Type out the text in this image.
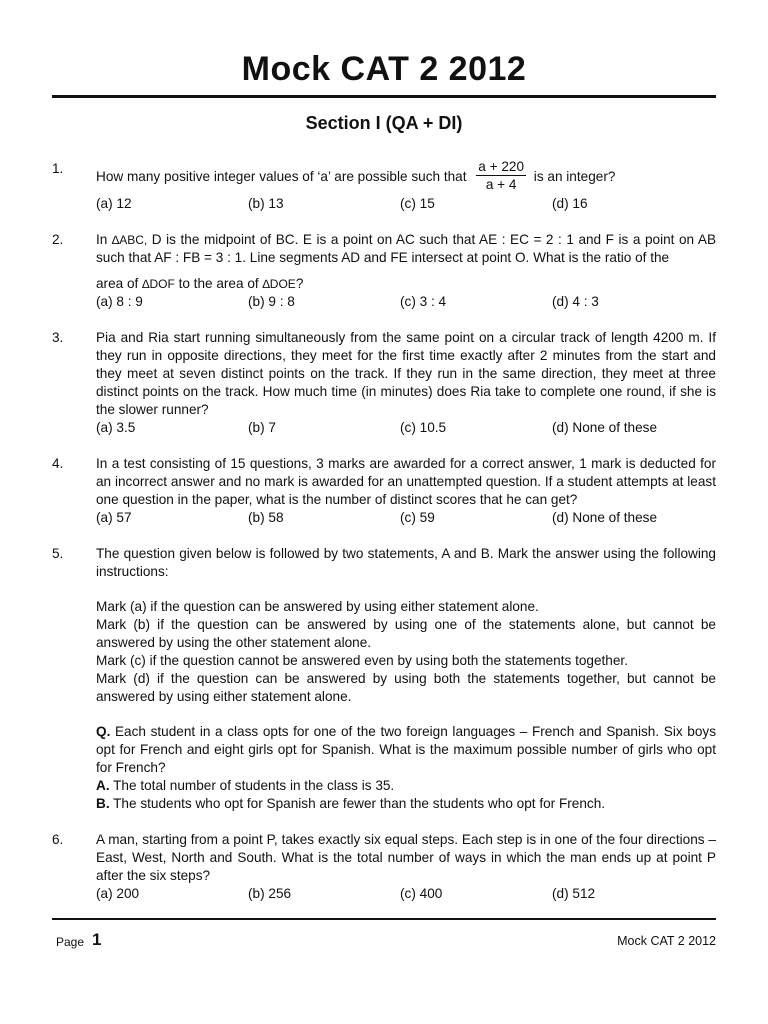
Mock CAT 2 2012
Section I (QA + DI)
1.
How many positive integer values of ‘a’ are possible such that $\frac{a + 220}{a + 4}$ is an integer?
(a) 12	(b) 13	(c) 15	(d) 16
2. In ∆ABC, D is the midpoint of BC. E is a point on AC such that AE : EC = 2 : 1 and F is a point on AB such that AF : FB = 3 : 1. Line segments AD and FE intersect at point O. What is the ratio of the
area of ∆DOF to the area of ∆DOE?
(a) 8 : 9	(b) 9 : 8	(c) 3 : 4	(d) 4 : 3
3. Pia and Ria start running simultaneously from the same point on a circular track of length 4200 m. If they run in opposite directions, they meet for the first time exactly after 2 minutes from the start and they meet at seven distinct points on the track. If they run in the same direction, they meet at three distinct points on the track. How much time (in minutes) does Ria take to complete one round, if she is the slower runner?
(a) 3.5	(b) 7	(c) 10.5	(d) None of these
4. In a test consisting of 15 questions, 3 marks are awarded for a correct answer, 1 mark is deducted for an incorrect answer and no mark is awarded for an unattempted question. If a student attempts at least one question in the paper, what is the number of distinct scores that he can get?
(a) 57	(b) 58	(c) 59	(d) None of these
5. The question given below is followed by two statements, A and B. Mark the answer using the following instructions:
Mark (a) if the question can be answered by using either statement alone.
Mark (b) if the question can be answered by using one of the statements alone, but cannot be answered by using the other statement alone.
Mark (c) if the question cannot be answered even by using both the statements together.
Mark (d) if the question can be answered by using both the statements together, but cannot be answered by using either statement alone.
Q. Each student in a class opts for one of the two foreign languages – French and Spanish. Six boys opt for French and eight girls opt for Spanish. What is the maximum possible number of girls who opt for French?
A. The total number of students in the class is 35.
B. The students who opt for Spanish are fewer than the students who opt for French.
6. A man, starting from a point P, takes exactly six equal steps. Each step is in one of the four directions – East, West, North and South. What is the total number of ways in which the man ends up at point P after the six steps?
(a) 200	(b) 256	(c) 400	(d) 512
Page 1	Mock CAT 2 2012
